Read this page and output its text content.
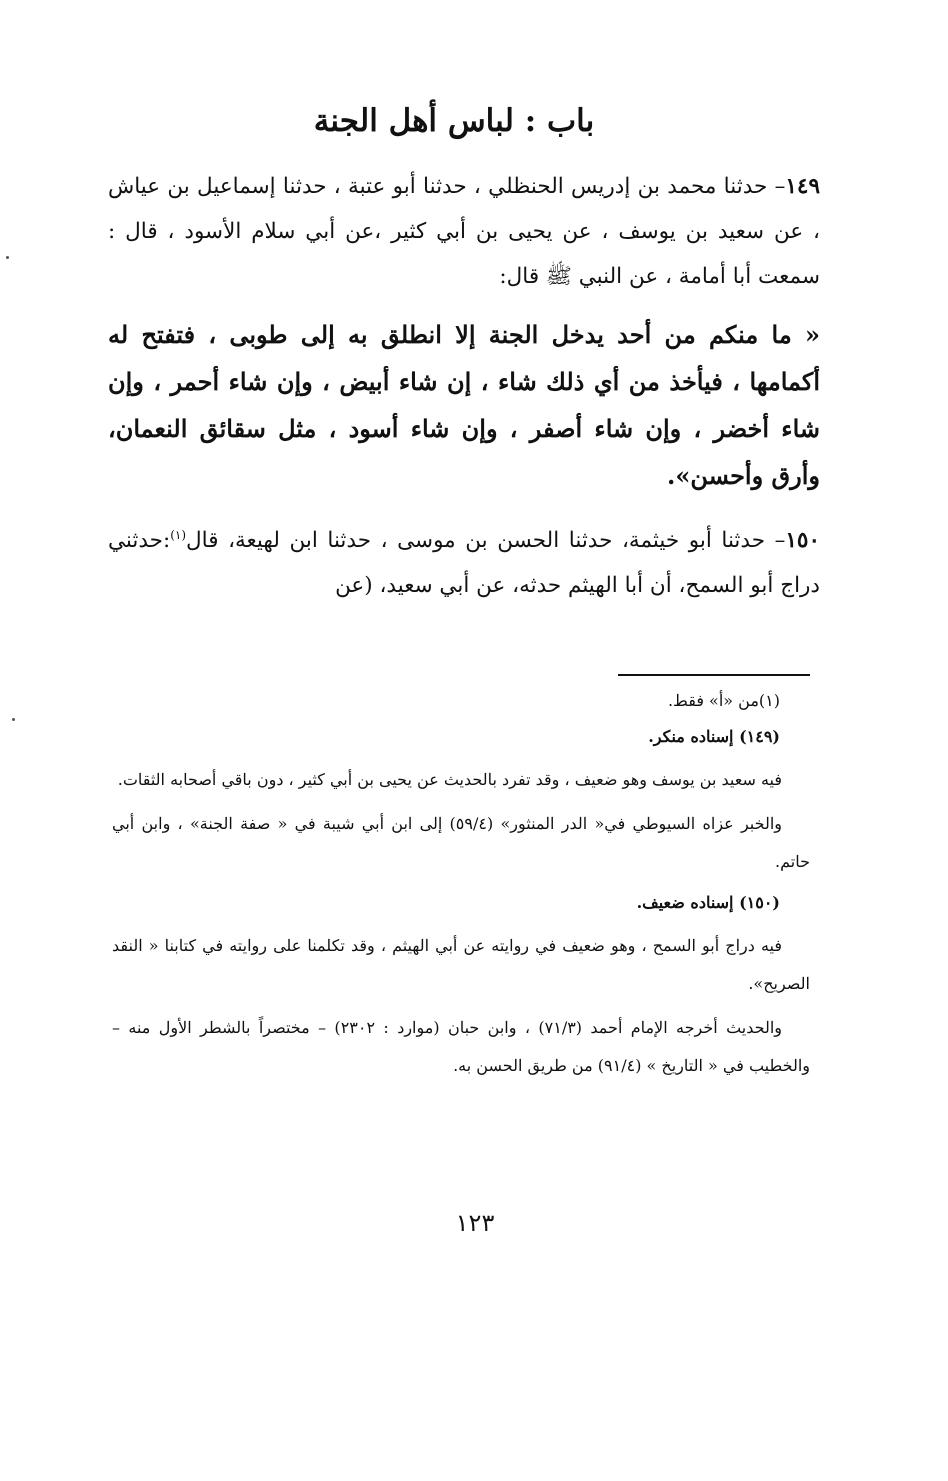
باب : لباس أهل الجنة

١٤٩– حدثنا محمد بن إدريس الحنظلي ، حدثنا أبو عتبة ، حدثنا إسماعيل بن عياش ، عن سعيد بن يوسف ، عن يحيى بن أبي كثير ،عن أبي سلام الأسود ، قال : سمعت أبا أمامة ، عن النبي ﷺ قال:

« ما منكم من أحد يدخل الجنة إلا انطلق به إلى طوبى ، فتفتح له أكمامها ، فيأخذ من أي ذلك شاء ، إن شاء أبيض ، وإن شاء أحمر ، وإن شاء أخضر ، وإن شاء أصفر ، وإن شاء أسود ، مثل سقائق النعمان، وأرق وأحسن».

١٥٠– حدثنا أبو خيثمة، حدثنا الحسن بن موسى ، حدثنا ابن لهيعة، قال$^{(١)}$:حدثني دراج أبو السمح، أن أبا الهيثم حدثه، عن أبي سعيد، (عن

(١)من «أ» فقط.

(١٤٩) إسناده منكر.

فيه سعيد بن يوسف وهو ضعيف ، وقد تفرد بالحديث عن يحيى بن أبي كثير ، دون باقي أصحابه الثقات.

والخبر عزاه السيوطي في« الدر المنثور» (٥٩/٤) إلى ابن أبي شيبة في « صفة الجنة» ، وابن أبي حاتم.

(١٥٠) إسناده ضعيف.

فيه دراج أبو السمح ، وهو ضعيف في روايته عن أبي الهيثم ، وقد تكلمنا على روايته في كتابنا « النقد الصريح».

والحديث أخرجه الإمام أحمد (٧١/٣) ، وابن حبان (موارد : ٢٣٠٢) – مختصراً بالشطر الأول منه – والخطيب في « التاريخ » (٩١/٤) من طريق الحسن به.

١٢٣
